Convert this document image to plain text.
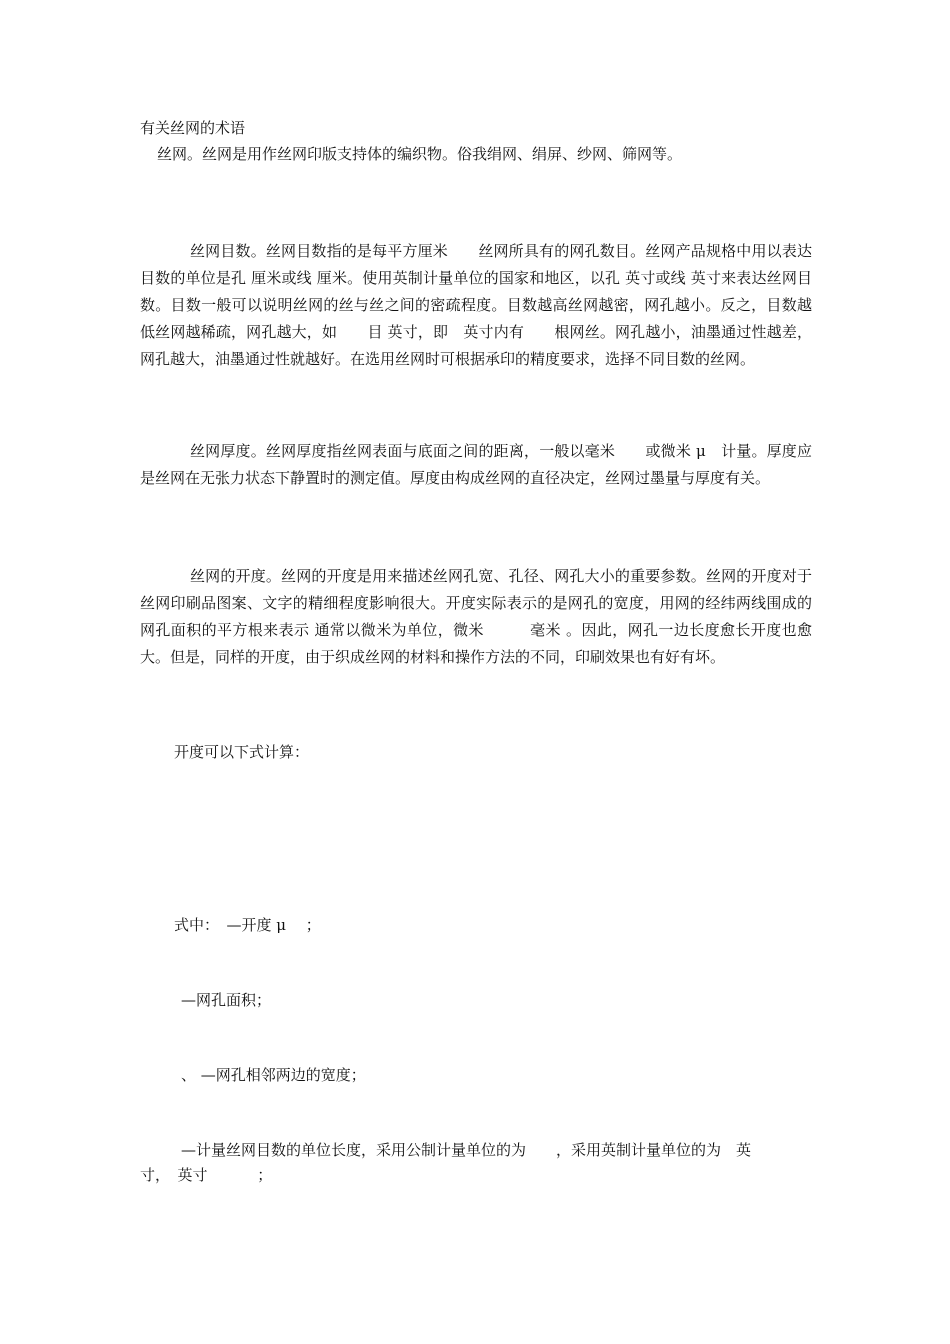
有关丝网的术语
丝网。丝网是用作丝网印版支持体的编织物。俗我绢网、绢屏、纱网、筛网等。
丝网目数。丝网目数指的是每平方厘米　　丝网所具有的网孔数目。丝网产品规格中用以表达目数的单位是孔 厘米或线 厘米。使用英制计量单位的国家和地区，以孔 英寸或线 英寸来表达丝网目数。目数一般可以说明丝网的丝与丝之间的密疏程度。目数越高丝网越密，网孔越小。反之，目数越低丝网越稀疏，网孔越大，如　　目 英寸，即　英寸内有　　根网丝。网孔越小，油墨通过性越差，网孔越大，油墨通过性就越好。在选用丝网时可根据承印的精度要求，选择不同目数的丝网。
丝网厚度。丝网厚度指丝网表面与底面之间的距离，一般以毫米　　或微米 μ　计量。厚度应是丝网在无张力状态下静置时的测定值。厚度由构成丝网的直径决定，丝网过墨量与厚度有关。
丝网的开度。丝网的开度是用来描述丝网孔宽、孔径、网孔大小的重要参数。丝网的开度对于丝网印刷品图案、文字的精细程度影响很大。开度实际表示的是网孔的宽度，用网的经纬两线围成的网孔面积的平方根来表示 通常以微米为单位，微米　　　毫米 。因此，网孔一边长度愈长开度也愈大。但是，同样的开度，由于织成丝网的材料和操作方法的不同，印刷效果也有好有坏。
开度可以下式计算：
式中：　—开度 μ　 ；
—网孔面积；
、 —网孔相邻两边的宽度；
—计量丝网目数的单位长度，采用公制计量单位的为　　，采用英制计量单位的为　英
寸，　英寸　　　 ；
